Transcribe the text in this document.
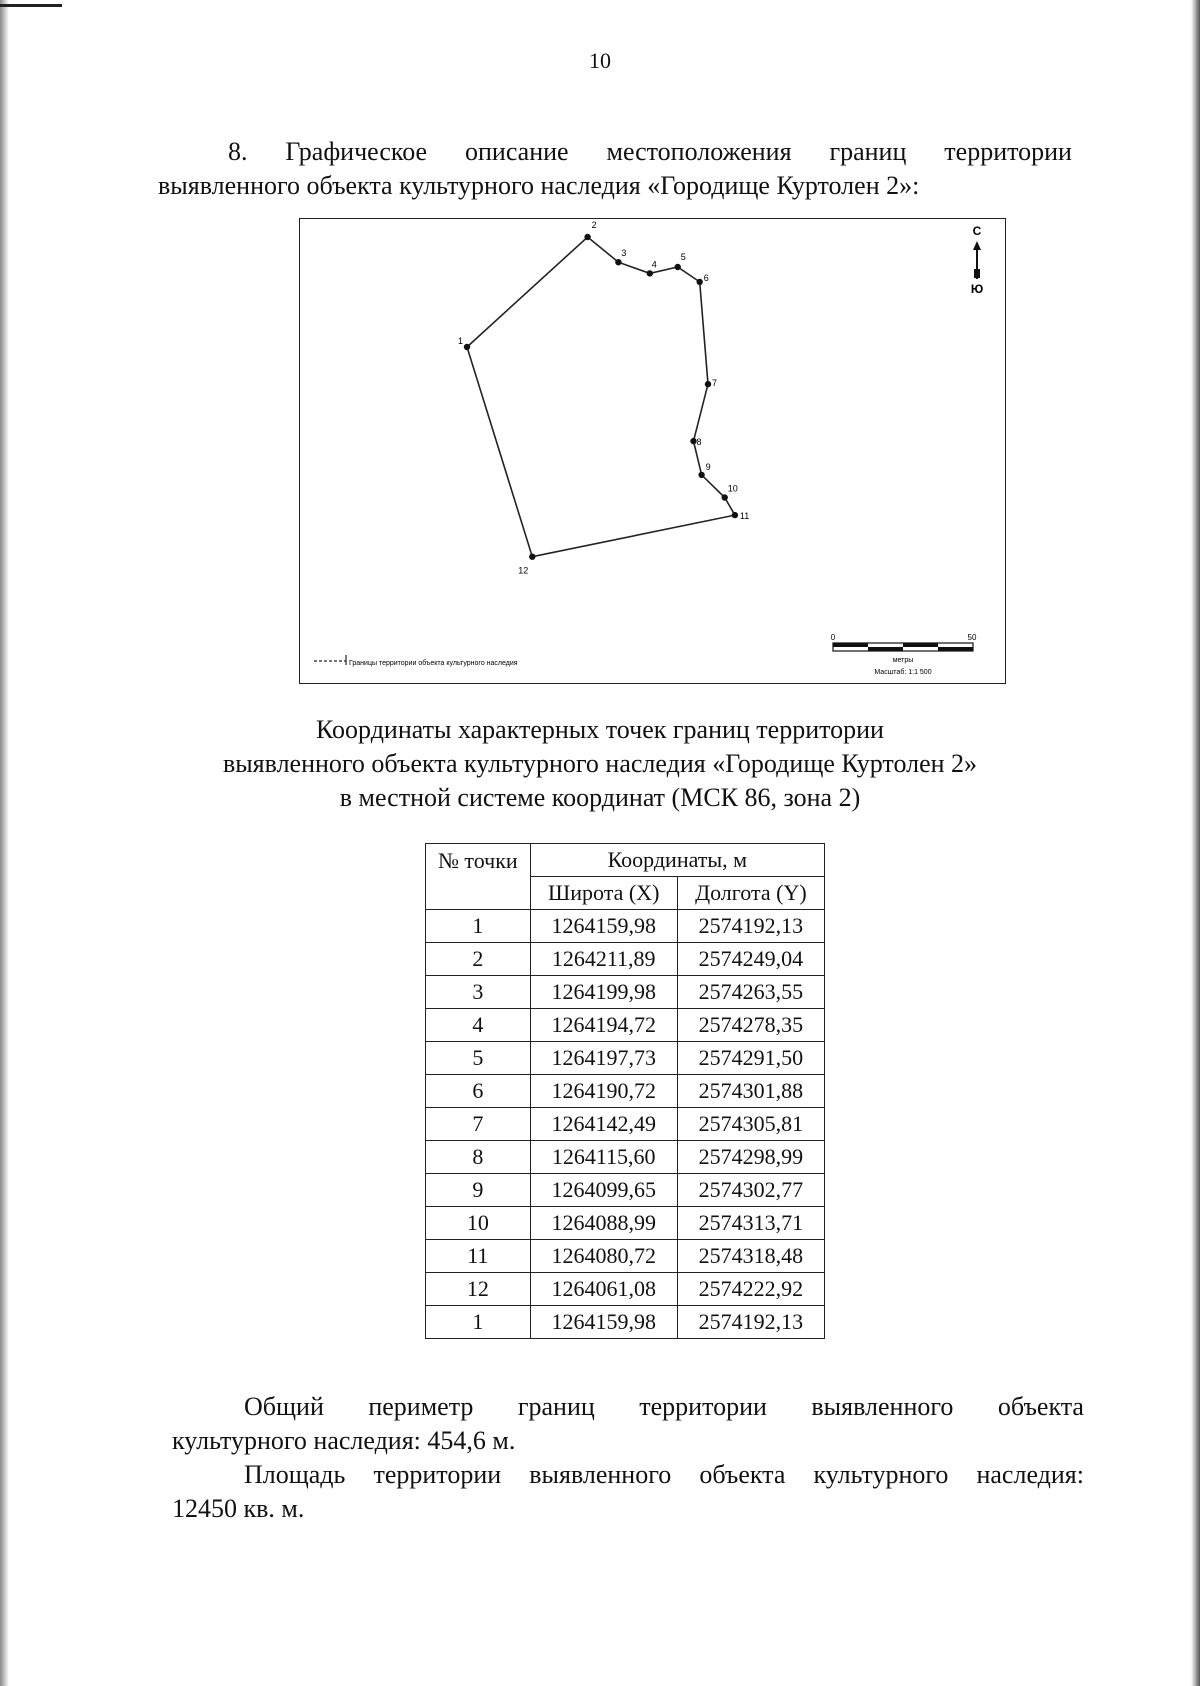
10
8. Графическое описание местоположения границ территории
выявленного объекта культурного наследия «Городище Куртолен 2»:
1
2
3
4
5
6
7
8
9
10
11
12
С
Ю
Границы территории объекта культурного наследия
0	50
метры
Масштаб: 1:1 500
Координаты характерных точек границ территории
выявленного объекта культурного наследия «Городище Куртолен 2»
в местной системе координат (МСК 86, зона 2)
№ точки	Координаты, м	
	Широта (X)	Долгота (Y)
1	1264159,98	2574192,13
2	1264211,89	2574249,04
3	1264199,98	2574263,55
4	1264194,72	2574278,35
5	1264197,73	2574291,50
6	1264190,72	2574301,88
7	1264142,49	2574305,81
8	1264115,60	2574298,99
9	1264099,65	2574302,77
10	1264088,99	2574313,71
11	1264080,72	2574318,48
12	1264061,08	2574222,92
1	1264159,98	2574192,13
Общий периметр границ территории выявленного объекта
культурного наследия: 454,6 м.
Площадь территории выявленного объекта культурного наследия:
12450 кв. м.
